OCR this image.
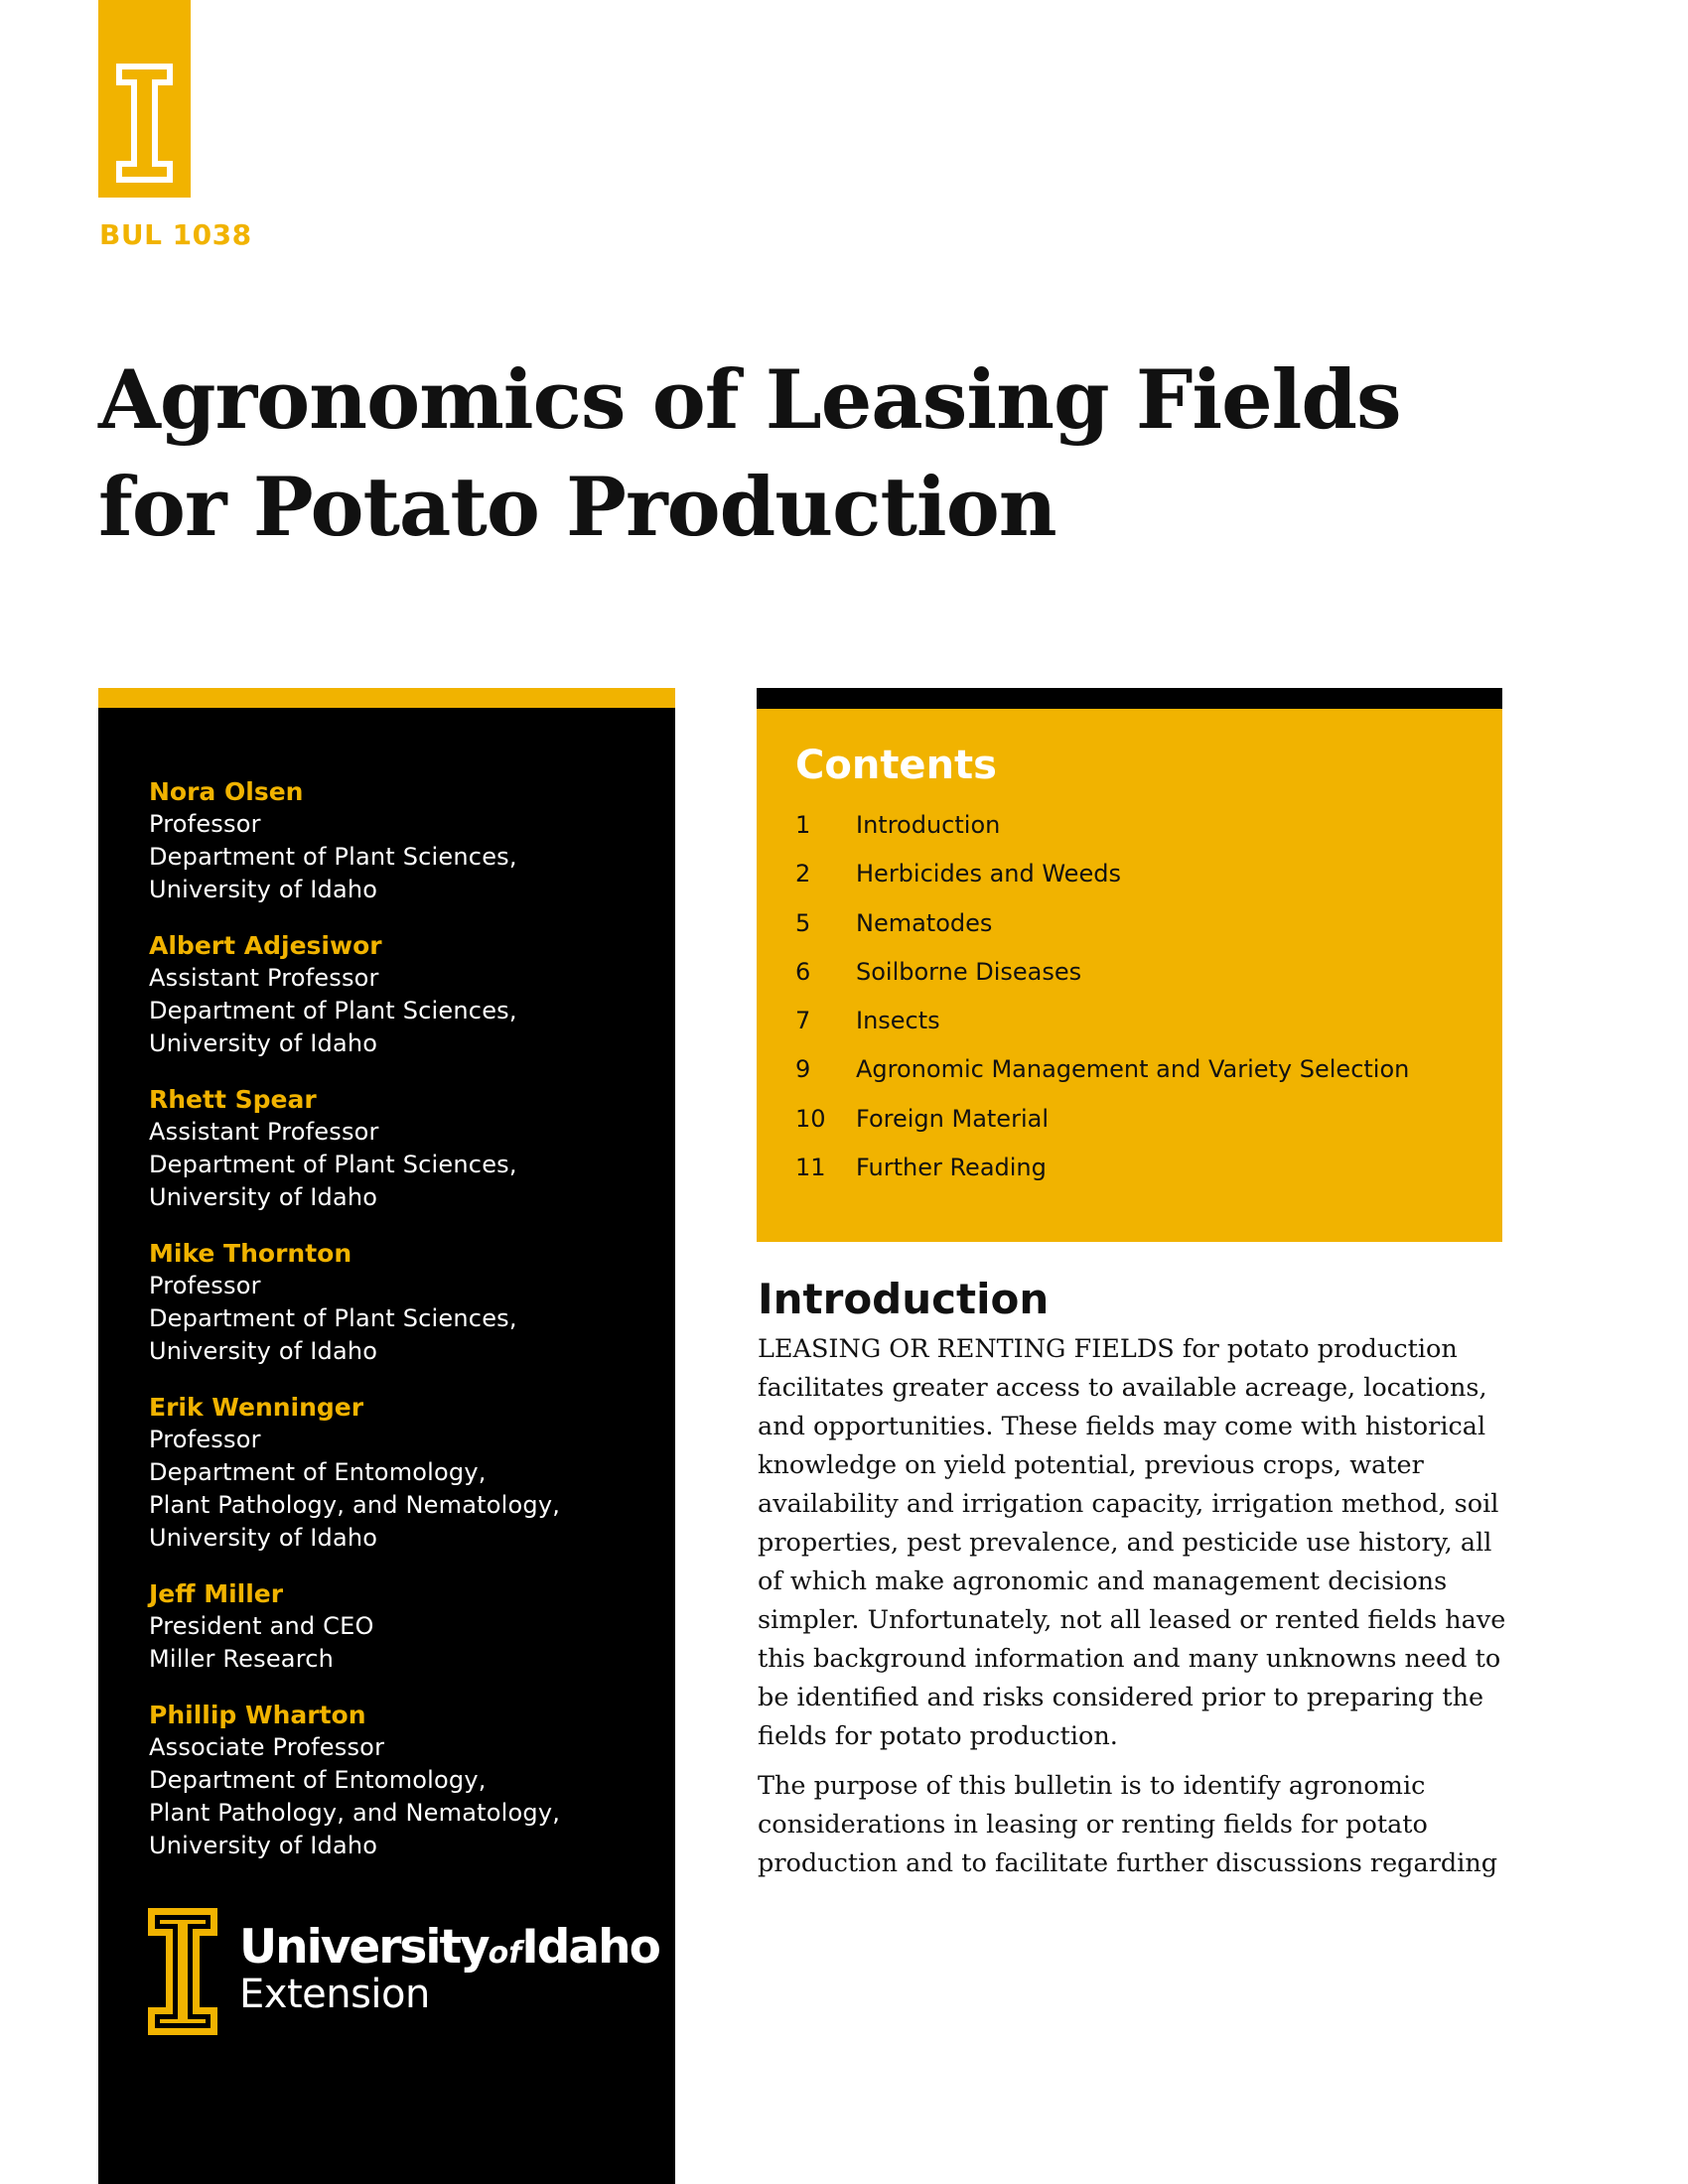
BUL 1038
Agronomics of Leasing Fields for Potato Production
Nora Olsen
Professor
Department of Plant Sciences,
University of Idaho
Albert Adjesiwor
Assistant Professor
Department of Plant Sciences,
University of Idaho
Rhett Spear
Assistant Professor
Department of Plant Sciences,
University of Idaho
Mike Thornton
Professor
Department of Plant Sciences,
University of Idaho
Erik Wenninger
Professor
Department of Entomology,
Plant Pathology, and Nematology,
University of Idaho
Jeff Miller
President and CEO
Miller Research
Phillip Wharton
Associate Professor
Department of Entomology,
Plant Pathology, and Nematology,
University of Idaho
UniversityofIdaho
Extension
Contents
1	Introduction
2	Herbicides and Weeds
5	Nematodes
6	Soilborne Diseases
7	Insects
9	Agronomic Management and Variety Selection
10	Foreign Material
11	Further Reading
Introduction

LEASING OR RENTING FIELDS for potato production facilitates greater access to available acreage, locations, and opportunities. These fields may come with historical knowledge on yield potential, previous crops, water availability and irrigation capacity, irrigation method, soil properties, pest prevalence, and pesticide use history, all of which make agronomic and management decisions simpler. Unfortunately, not all leased or rented fields have this background information and many unknowns need to be identified and risks considered prior to preparing the fields for potato production.

The purpose of this bulletin is to identify agronomic considerations in leasing or renting fields for potato production and to facilitate further discussions regarding
